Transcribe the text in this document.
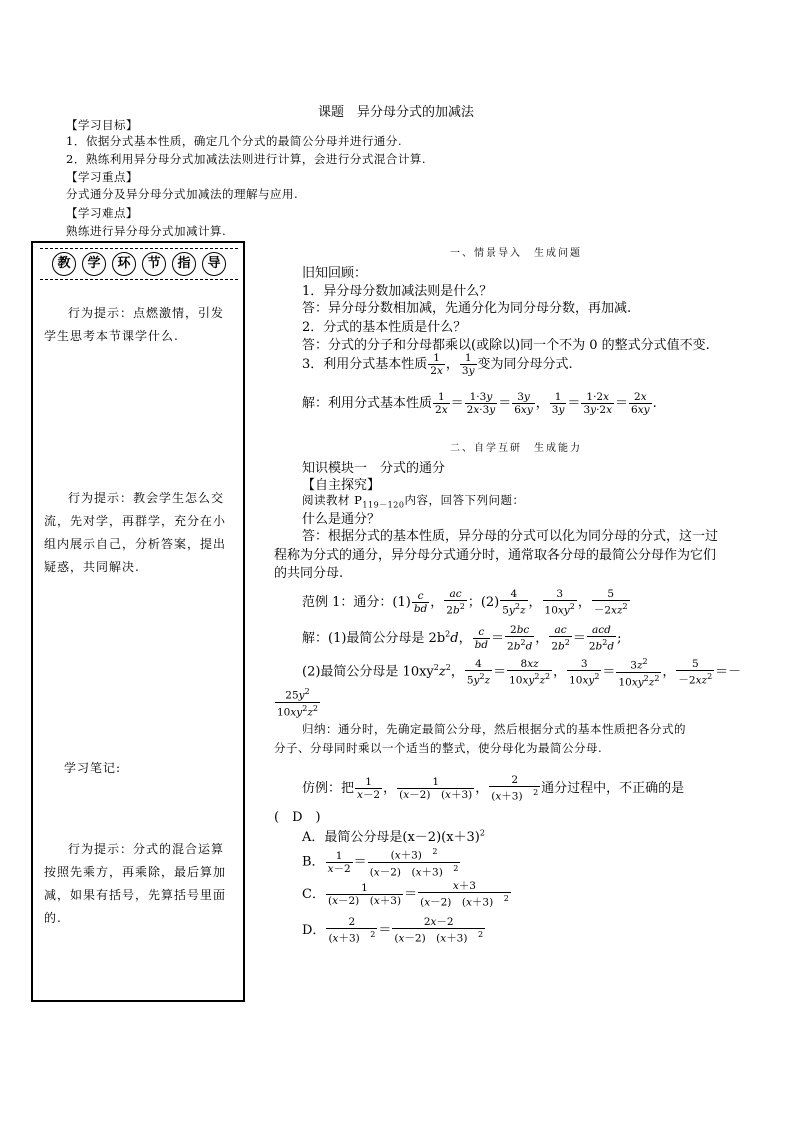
课题　异分母分式的加减法
【学习目标】
1．依据分式基本性质，确定几个分式的最简公分母并进行通分.
2．熟练利用异分母分式加减法法则进行计算，会进行分式混合计算.
【学习重点】
分式通分及异分母分式加减法的理解与应用.
【学习难点】
熟练进行异分母分式加减计算.
教 学 环 节 指 导
行为提示：点燃激情，引发学生思考本节课学什么.
行为提示：教会学生怎么交流，先对学，再群学，充分在小组内展示自己，分析答案，提出疑惑，共同解决.
学习笔记:
行为提示：分式的混合运算按照先乘方，再乘除，最后算加减，如果有括号，先算括号里面的.
一、情景导入　生成问题
旧知回顾：
1．异分母分数加减法则是什么？
答：异分母分数相加减，先通分化为同分母分数，再加减.
2．分式的基本性质是什么？
答：分式的分子和分母都乘以(或除以)同一个不为 0 的整式分式值不变.
3．利用分式基本性质 $\frac{1}{2x}$ ， $\frac{1}{3y}$ 变为同分母分式.
解：利用分式基本性质 $\frac{1}{2x} = \frac{1\cdot 3y}{2x\cdot 3y} = \frac{3y}{6xy}$ ， $\frac{1}{3y} = \frac{1\cdot 2x}{3y\cdot 2x} = \frac{2x}{6xy}$ .
二、自学互研　生成能力
知识模块一　分式的通分
【自主探究】
阅读教材 $P_{119-120}$内容，回答下列问题：
什么是通分？
答：根据分式的基本性质，异分母的分式可以化为同分母的分式，这一过
程称为分式的通分，异分母分式通分时，通常取各分母的最简公分母作为它们
的共同分母.
范例 1：通分：$(1) \frac{c}{bd}$ ， $\frac{ac}{2b^2}$ ；$(2) \frac{4}{5y^2z}$ ， $\frac{3}{10xy^2}$ ， $\frac{5}{-2xz^2}$
解：(1)最简公分母是 $2b^2d$， $\frac{c}{bd} = \frac{2bc}{2b^2d}$ ， $\frac{ac}{2b^2} = \frac{\text{acd}}{2b^2d}$ ;
(2)最简公分母是 $10xy^2z^2$， $\frac{4}{5y^2z} = \frac{8xz}{10xy^2z^2}$ ， $\frac{3}{10xy^2} = \frac{3z^2}{10xy^2z^2}$ ， $\frac{5}{-2xz^2}$ ＝－
$\frac{25y^2}{10xy^2z^2}$
归纳：通分时，先确定最简公分母，然后根据分式的基本性质把各分式的
分子、分母同时乘以一个适当的整式，使分母化为最简公分母.
仿例：把 $\frac{1}{x-2}$ ， $\frac{1}{(x-2) (x+3)}$ ， $\frac{2}{(x+3) ^2}$ 通分过程中，不正确的是
(　D　)
A．最简公分母是$(x-2)(x+3)^2$
B． $\frac{1}{x-2} = \frac{(x+3) ^2}{(x-2) (x+3) ^2}$
C． $\frac{1}{(x-2) (x+3)} = \frac{x+3}{(x-2) (x+3) ^2}$
D． $\frac{2}{(x+3) ^2} = \frac{2x-2}{(x-2) (x+3) ^2}$
